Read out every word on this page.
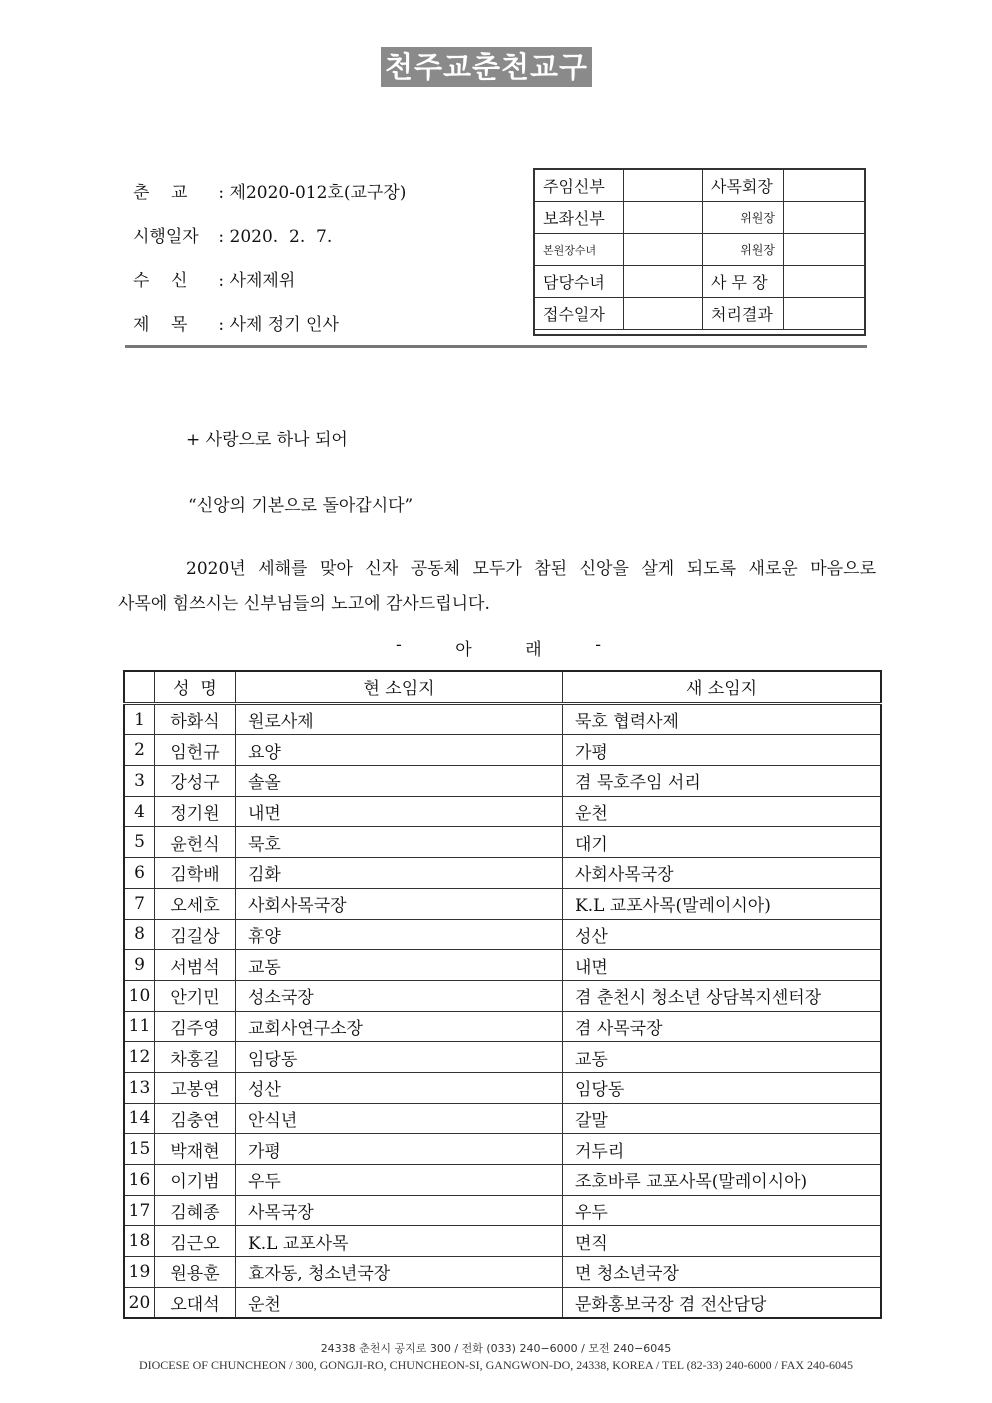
천주교춘천교구
춘    교 : 제2020-012호(교구장)
시행일자 : 2020.  2.  7.
수    신 : 사제제위
제    목 : 사제 정기 인사
주임신부		사목회장	
보좌신부		위원장	
본원장수녀		위원장	
담당수녀		사 무 장	
접수일자		처리결과	
+ 사랑으로 하나 되어
“신앙의 기본으로 돌아갑시다”
2020년 세해를 맞아 신자 공동체 모두가 참된 신앙을 살게 되도록 새로운 마음으로
사목에 힘쓰시는 신부님들의 노고에 감사드립니다.
-	아	래	-
	성  명	현 소임지	새 소임지
1	하화식	원로사제	묵호 협력사제
2	임헌규	요양	가평
3	강성구	솔올	겸 묵호주임 서리
4	정기원	내면	운천
5	윤헌식	묵호	대기
6	김학배	김화	사회사목국장
7	오세호	사회사목국장	K.L 교포사목(말레이시아)
8	김길상	휴양	성산
9	서범석	교동	내면
10	안기민	성소국장	겸 춘천시 청소년 상담복지센터장
11	김주영	교회사연구소장	겸 사목국장
12	차홍길	임당동	교동
13	고봉연	성산	임당동
14	김충연	안식년	갈말
15	박재현	가평	거두리
16	이기범	우두	조호바루 교포사목(말레이시아)
17	김혜종	사목국장	우두
18	김근오	K.L 교포사목	면직
19	원용훈	효자동, 청소년국장	면 청소년국장
20	오대석	운천	문화홍보국장 겸 전산담당
24338 춘천시 공지로 300 / 전화 (033) 240−6000 / 모전 240−6045
DIOCESE OF CHUNCHEON / 300, GONGJI-RO, CHUNCHEON-SI, GANGWON-DO, 24338, KOREA / TEL (82-33) 240-6000 / FAX 240-6045
